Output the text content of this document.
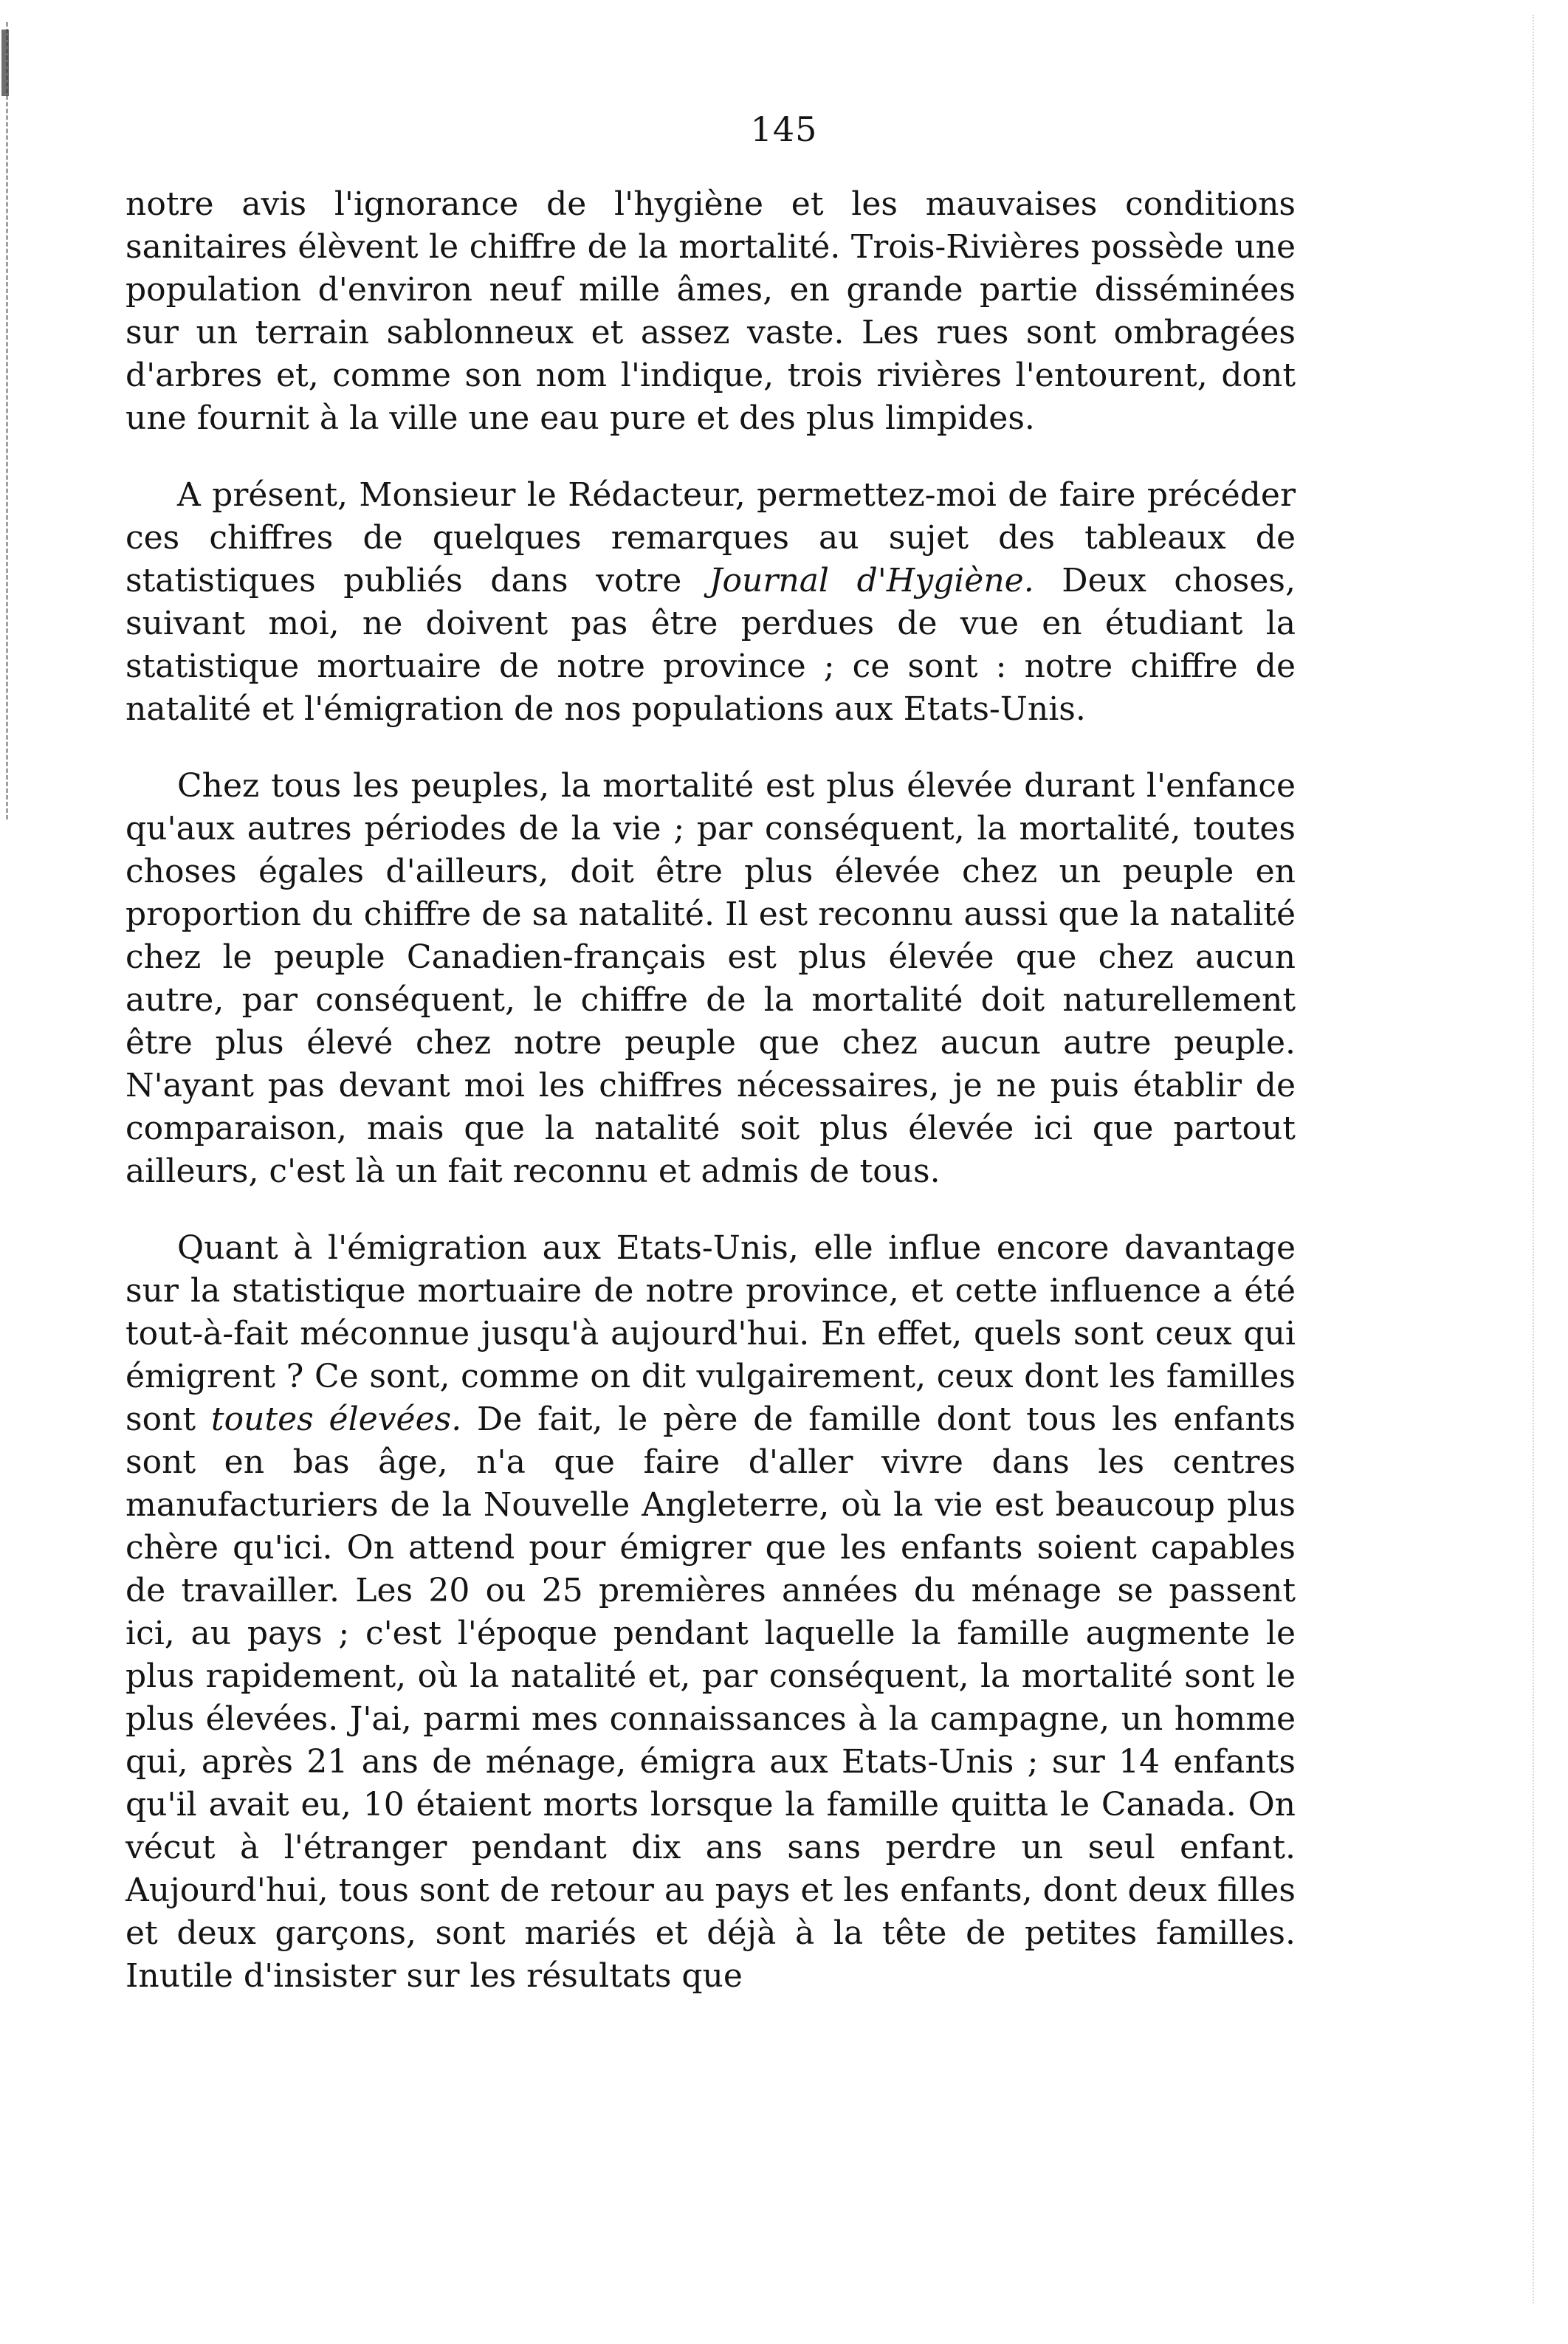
145

notre avis l'ignorance de l'hygiène et les mauvaises conditions sanitaires élèvent le chiffre de la mortalité. Trois-Rivières possède une population d'environ neuf mille âmes, en grande partie disséminées sur un terrain sablonneux et assez vaste. Les rues sont ombragées d'arbres et, comme son nom l'indique, trois rivières l'entourent, dont une fournit à la ville une eau pure et des plus limpides.

A présent, Monsieur le Rédacteur, permettez-moi de faire précéder ces chiffres de quelques remarques au sujet des tableaux de statistiques publiés dans votre Journal d'Hygiène. Deux choses, suivant moi, ne doivent pas être perdues de vue en étudiant la statistique mortuaire de notre province ; ce sont : notre chiffre de natalité et l'émigration de nos populations aux Etats-Unis.

Chez tous les peuples, la mortalité est plus élevée durant l'enfance qu'aux autres périodes de la vie ; par conséquent, la mortalité, toutes choses égales d'ailleurs, doit être plus élevée chez un peuple en proportion du chiffre de sa natalité. Il est reconnu aussi que la natalité chez le peuple Canadien-français est plus élevée que chez aucun autre, par conséquent, le chiffre de la mortalité doit naturellement être plus élevé chez notre peuple que chez aucun autre peuple. N'ayant pas devant moi les chiffres nécessaires, je ne puis établir de comparaison, mais que la natalité soit plus élevée ici que partout ailleurs, c'est là un fait reconnu et admis de tous.

Quant à l'émigration aux Etats-Unis, elle influe encore davantage sur la statistique mortuaire de notre province, et cette influence a été tout-à-fait méconnue jusqu'à aujourd'hui. En effet, quels sont ceux qui émigrent ? Ce sont, comme on dit vulgairement, ceux dont les familles sont toutes élevées. De fait, le père de famille dont tous les enfants sont en bas âge, n'a que faire d'aller vivre dans les centres manufacturiers de la Nouvelle Angleterre, où la vie est beaucoup plus chère qu'ici. On attend pour émigrer que les enfants soient capables de travailler. Les 20 ou 25 premières années du ménage se passent ici, au pays ; c'est l'époque pendant laquelle la famille augmente le plus rapidement, où la natalité et, par conséquent, la mortalité sont le plus élevées. J'ai, parmi mes connaissances à la campagne, un homme qui, après 21 ans de ménage, émigra aux Etats-Unis ; sur 14 enfants qu'il avait eu, 10 étaient morts lorsque la famille quitta le Canada. On vécut à l'étranger pendant dix ans sans perdre un seul enfant. Aujourd'hui, tous sont de retour au pays et les enfants, dont deux filles et deux garçons, sont mariés et déjà à la tête de petites familles. Inutile d'insister sur les résultats que
